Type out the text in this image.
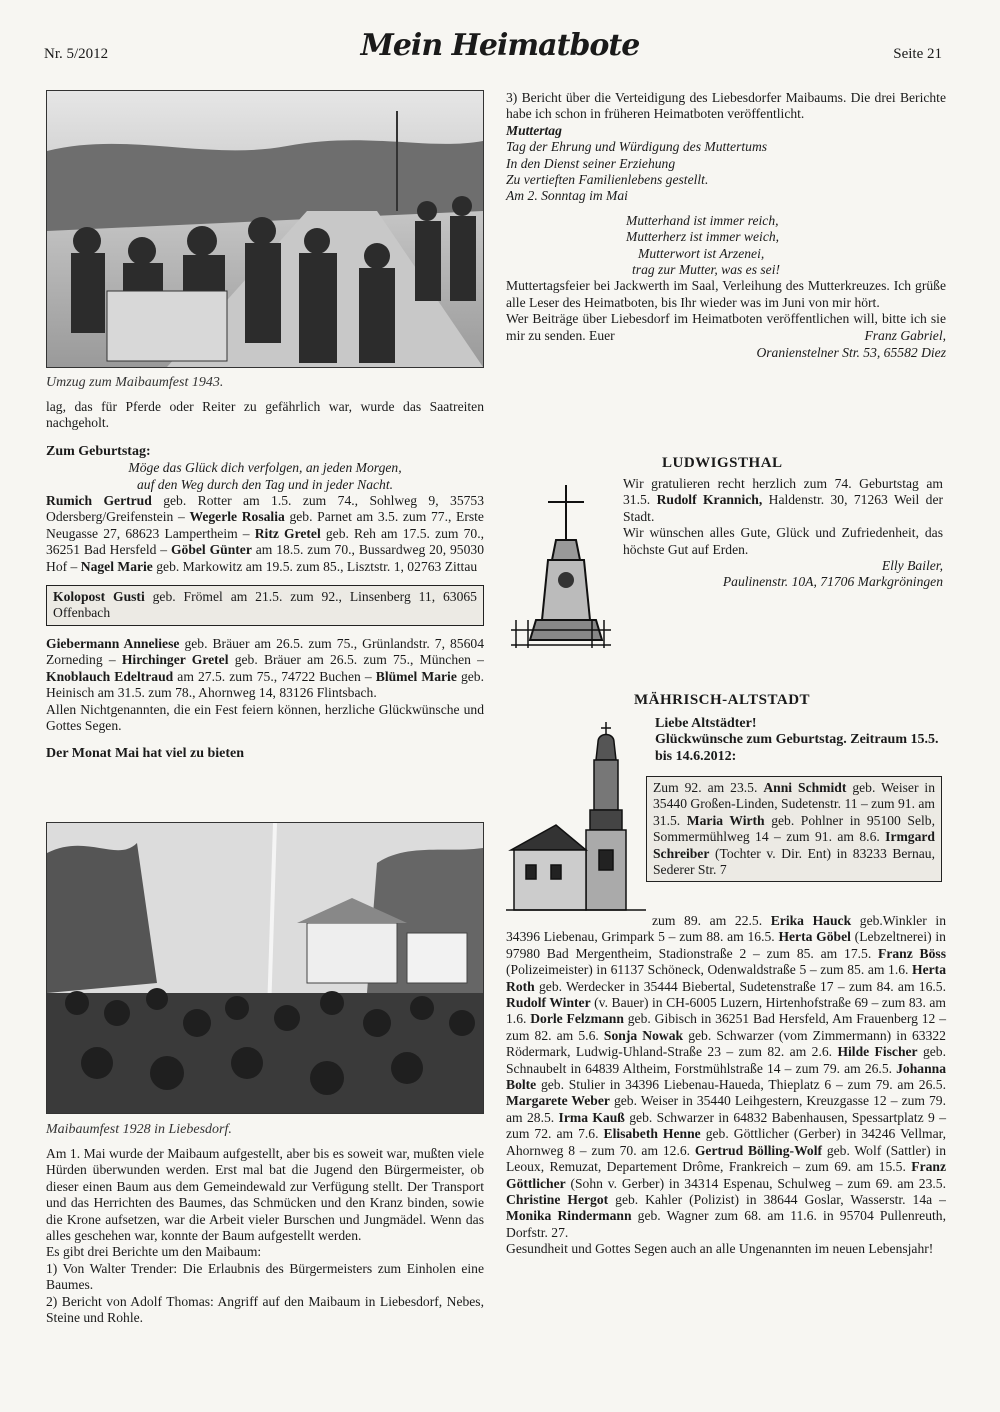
Nr. 5/2012	Mein Heimatbote	Seite 21
Umzug zum Maibaumfest 1943.

lag, das für Pferde oder Reiter zu gefährlich war, wurde das Saatreiten nachgeholt.

Zum Geburtstag:

Möge das Glück dich verfolgen, an jeden Morgen,

auf den Weg durch den Tag und in jeder Nacht.

Rumich Gertrud geb. Rotter am 1.5. zum 74., Sohlweg 9, 35753 Odersberg/Greifenstein – Wegerle Rosalia geb. Parnet am 3.5. zum 77., Erste Neugasse 27, 68623 Lampertheim – Ritz Gretel geb. Reh am 17.5. zum 70., 36251 Bad Hersfeld – Göbel Günter am 18.5. zum 70., Bussardweg 20, 95030 Hof – Nagel Marie geb. Markowitz am 19.5. zum 85., Lisztstr. 1, 02763 Zittau

Kolopost Gusti geb. Frömel am 21.5. zum 92., Linsenberg 11, 63065 Offenbach

Giebermann Anneliese geb. Bräuer am 26.5. zum 75., Grünlandstr. 7, 85604 Zorneding – Hirchinger Gretel geb. Bräuer am 26.5. zum 75., München – Knoblauch Edeltraud am 27.5. zum 75., 74722 Buchen – Blümel Marie geb. Heinisch am 31.5. zum 78., Ahornweg 14, 83126 Flintsbach.

Allen Nichtgenannten, die ein Fest feiern können, herzliche Glückwünsche und Gottes Segen.

Der Monat Mai hat viel zu bieten

Maibaumfest 1928 in Liebesdorf.

Am 1. Mai wurde der Maibaum aufgestellt, aber bis es soweit war, mußten viele Hürden überwunden werden. Erst mal bat die Jugend den Bürgermeister, ob dieser einen Baum aus dem Gemeindewald zur Verfügung stellt. Der Transport und das Herrichten des Baumes, das Schmücken und den Kranz binden, sowie die Krone aufsetzen, war die Arbeit vieler Burschen und Jungmädel. Wenn das alles geschehen war, konnte der Baum aufgestellt werden.

Es gibt drei Berichte um den Maibaum:

1) Von Walter Trender: Die Erlaubnis des Bürgermeisters zum Einholen eine Baumes.

2) Bericht von Adolf Thomas: Angriff auf den Maibaum in Liebesdorf, Nebes, Steine und Rohle.

3) Bericht über die Verteidigung des Liebesdorfer Maibaums. Die drei Berichte habe ich schon in früheren Heimatboten veröffentlicht.

Muttertag

Tag der Ehrung und Würdigung des Muttertums

In den Dienst seiner Erziehung

Zu vertieften Familienlebens gestellt.

Am 2. Sonntag im Mai

Mutterhand ist immer reich,

Mutterherz ist immer weich,

Mutterwort ist Arzenei,

trag zur Mutter, was es sei!

Muttertagsfeier bei Jackwerth im Saal, Verleihung des Mutterkreuzes. Ich grüße alle Leser des Heimatboten, bis Ihr wieder was im Juni von mir hört.

Wer Beiträge über Liebesdorf im Heimatboten veröffentlichen will, bitte ich sie mir zu senden. Euer	Franz Gabriel,

Oranienstelner Str. 53, 65582 Diez

LUDWIGSTHAL

Wir gratulieren recht herzlich zum 74. Geburtstag am 31.5. Rudolf Krannich, Haldenstr. 30, 71263 Weil der Stadt.

Wir wünschen alles Gute, Glück und Zufriedenheit, das höchste Gut auf Erden.

Elly Bailer,

Paulinenstr. 10A, 71706 Markgröningen

MÄHRISCH-ALTSTADT

Liebe Altstädter!

Glückwünsche zum Geburtstag. Zeitraum 15.5. bis 14.6.2012:

Zum 92. am 23.5. Anni Schmidt geb. Weiser in 35440 Großen-Linden, Sudetenstr. 11 – zum 91. am 31.5. Maria Wirth geb. Pohlner in 95100 Selb, Sommermühlweg 14 – zum 91. am 8.6. Irmgard Schreiber (Tochter v. Dir. Ent) in 83233 Bernau, Sederer Str. 7

zum 89. am 22.5. Erika Hauck geb.Winkler in 34396 Liebenau, Grimpark 5 – zum 88. am 16.5. Herta Göbel (Lebzeltnerei) in 97980 Bad Mergentheim, Stadionstraße 2 – zum 85. am 17.5. Franz Böss (Polizeimeister) in 61137 Schöneck, Odenwaldstraße 5 – zum 85. am 1.6. Herta Roth geb. Werdecker in 35444 Biebertal, Sudetenstraße 17 – zum 84. am 16.5. Rudolf Winter (v. Bauer) in CH-6005 Luzern, Hirtenhofstraße 69 – zum 83. am 1.6. Dorle Felzmann geb. Gibisch in 36251 Bad Hersfeld, Am Frauenberg 12 – zum 82. am 5.6. Sonja Nowak geb. Schwarzer (vom Zimmermann) in 63322 Rödermark, Ludwig-Uhland-Straße 23 – zum 82. am 2.6. Hilde Fischer geb. Schnaubelt in 64839 Altheim, Forstmühlstraße 14 – zum 79. am 26.5. Johanna Bolte geb. Stulier in 34396 Liebenau-Haueda, Thieplatz 6 – zum 79. am 26.5. Margarete Weber geb. Weiser in 35440 Leihgestern, Kreuzgasse 12 – zum 79. am 28.5. Irma Kauß geb. Schwarzer in 64832 Babenhausen, Spessartplatz 9 – zum 72. am 7.6. Elisabeth Henne geb. Göttlicher (Gerber) in 34246 Vellmar, Ahornweg 8 – zum 70. am 12.6. Gertrud Bölling-Wolf geb. Wolf (Sattler) in Leoux, Remuzat, Departement Drôme, Frankreich – zum 69. am 15.5. Franz Göttlicher (Sohn v. Gerber) in 34314 Espenau, Schulweg – zum 69. am 23.5. Christine Hergot geb. Kahler (Polizist) in 38644 Goslar, Wasserstr. 14a – Monika Rindermann geb. Wagner zum 68. am 11.6. in 95704 Pullenreuth, Dorfstr. 27.

Gesundheit und Gottes Segen auch an alle Ungenannten im neuen Lebensjahr!
